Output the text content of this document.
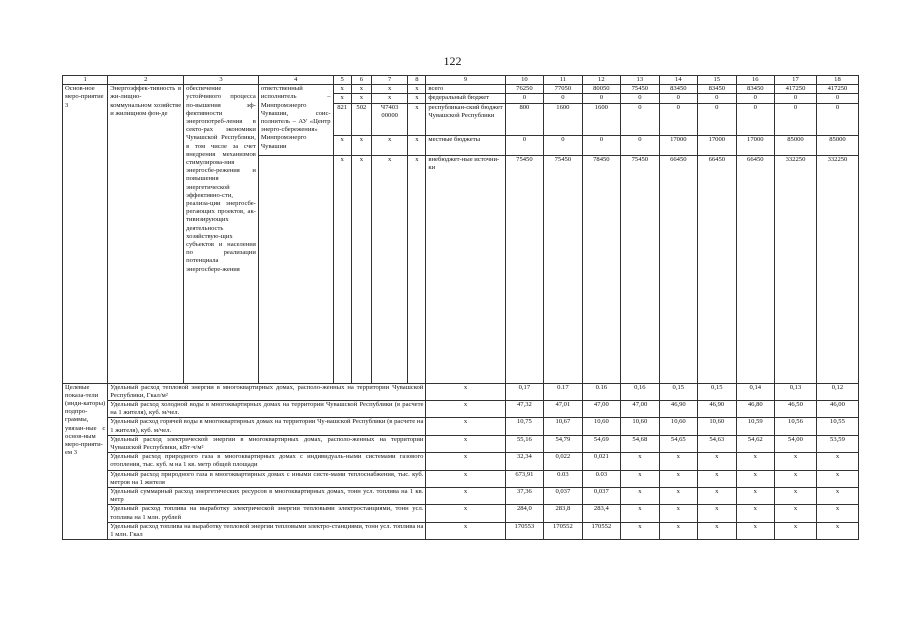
122
1	2	3	4	5	6	7	8	9	10	11	12	13	14	15	16	17	18
Основ-ное меро-приятие 3	Энергоэффек-тивность в жи-лищно-коммунальном хозяйстве и жилищном фон-де	обеспечение устойчивого процесса по-вышения эф-фективности энергопотреб-ления в секто-рах экономики Чувашской Республики, в том числе за счет внедрения механизмов стимулирова-ния энергосбе-режения и повышения энергетической эффективно-сти, реализа-ции энергосбе-регающих проектов, ак-тивизирующих деятельность хозяйствую-щих субъектов и населения по реализации потенциала энергосбере-жения	ответственный исполнитель – Минпромэнерго Чувашии, соис-полнитель – АУ «Центр энерго-сбережения» Минпромэнерго Чувашии	x	x	x	x	всего	76250	77050	80050	75450	83450	83450	83450	417250	417250
				x	x	x	x	федеральный бюджет	0	0	0	0	0	0	0	0	0
				821	502	Ч7403 00000	x	республикан-ский бюджет Чувашской Республики	800	1600	1600	0	0	0	0	0	0
				x	x	x	x	местные бюджеты	0	0	0	0	17000	17000	17000	85000	85000
				x	x	x	x	внебюджет-ные источни-ки	75450	75450	78450	75450	66450	66450	66450	332250	332250
Целевые показа-тели (инди-каторы) подпро-граммы, увязан-ные с основ-ным меро-прияти-ем 3	Удельный расход тепловой энергии в многоквартирных домах, располо-женных на территории Чувашской Республики, Гкал/м²							x	0,17	0.17	0.16	0,16	0,15	0,15	0,14	0,13	0,12
	Удельный расход холодной воды в многоквартирных домах на территории Чувашской Республики (в расчете на 1 жителя), куб. м/чел.							x	47,32	47,01	47,00	47,00	46,90	46,90	46,80	46,50	46,00
	Удельный расход горячей воды в многоквартирных домах на территории Чу-вашской Республики (в расчете на 1 жителя), куб. м/чел.							x	10,75	10,67	10,60	10,60	10,60	10,60	10,59	10,56	10,55
	Удельный расход электрической энергии в многоквартирных домах, располо-женных на территории Чувашской Республики, кВт·ч/м²							x	55,16	54,79	54,69	54,68	54,65	54,63	54,62	54,00	53,59
	Удельный расход природного газа в многоквартирных домах с индивидуаль-ными системами газового отопления, тыс. куб. м на 1 кв. метр общей площади							x	32,34	0,022	0,021	x	x	x	x	x	x
	Удельный расход природного газа в многоквартирных домах с иными систе-мами теплоснабжения, тыс. куб. метров на 1 жителя							x	673,91	0.03	0.03	x	x	x	x	x	x
	Удельный суммарный расход энергетических ресурсов в многоквартирных домах, тонн усл. топлива на 1 кв. метр							x	37,36	0,037	0,037	x	x	x	x	x	x
	Удельный расход топлива на выработку электрической энергии тепловыми электростанциями, тонн усл. топлива на 1 млн. рублей							x	284,0	283,8	283,4	x	x	x	x	x	x
	Удельный расход топлива на выработку тепловой энергии тепловыми электро-станциями, тонн усл. топлива на 1 млн. Гкал							x	170553	170552	170552	x	x	x	x	x	x
